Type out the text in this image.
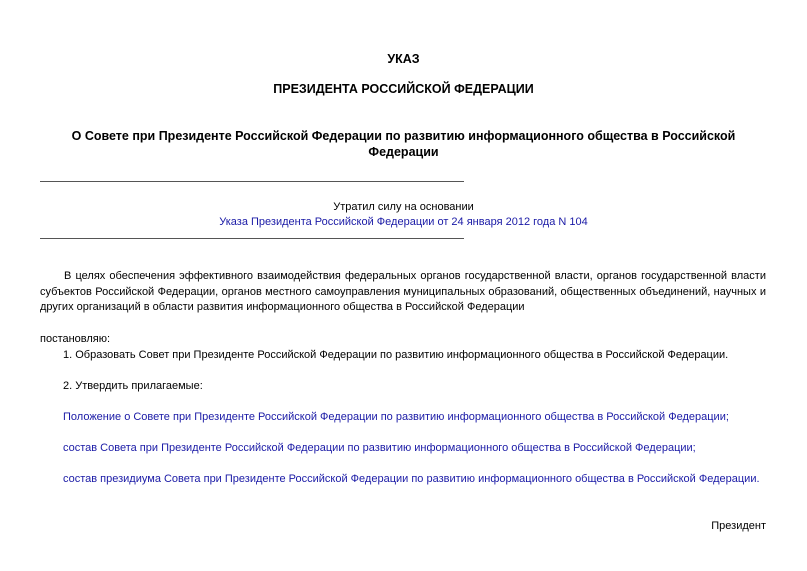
УКАЗ
ПРЕЗИДЕНТА РОССИЙСКОЙ ФЕДЕРАЦИИ
О Совете при Президенте Российской Федерации по развитию информационного общества в Российской Федерации
Утратил силу на основании
Указа Президента Российской Федерации от 24 января 2012 года N 104
В целях обеспечения эффективного взаимодействия федеральных органов государственной власти, органов государственной власти субъектов Российской Федерации, органов местного самоуправления муниципальных образований, общественных объединений, научных и других организаций в области развития информационного общества в Российской Федерации
постановляю:
1. Образовать Совет при Президенте Российской Федерации по развитию информационного общества в Российской Федерации.
2. Утвердить прилагаемые:
Положение о Совете при Президенте Российской Федерации по развитию информационного общества в Российской Федерации;
состав Совета при Президенте Российской Федерации по развитию информационного общества в Российской Федерации;
состав президиума Совета при Президенте Российской Федерации по развитию информационного общества в Российской Федерации.
Президент
